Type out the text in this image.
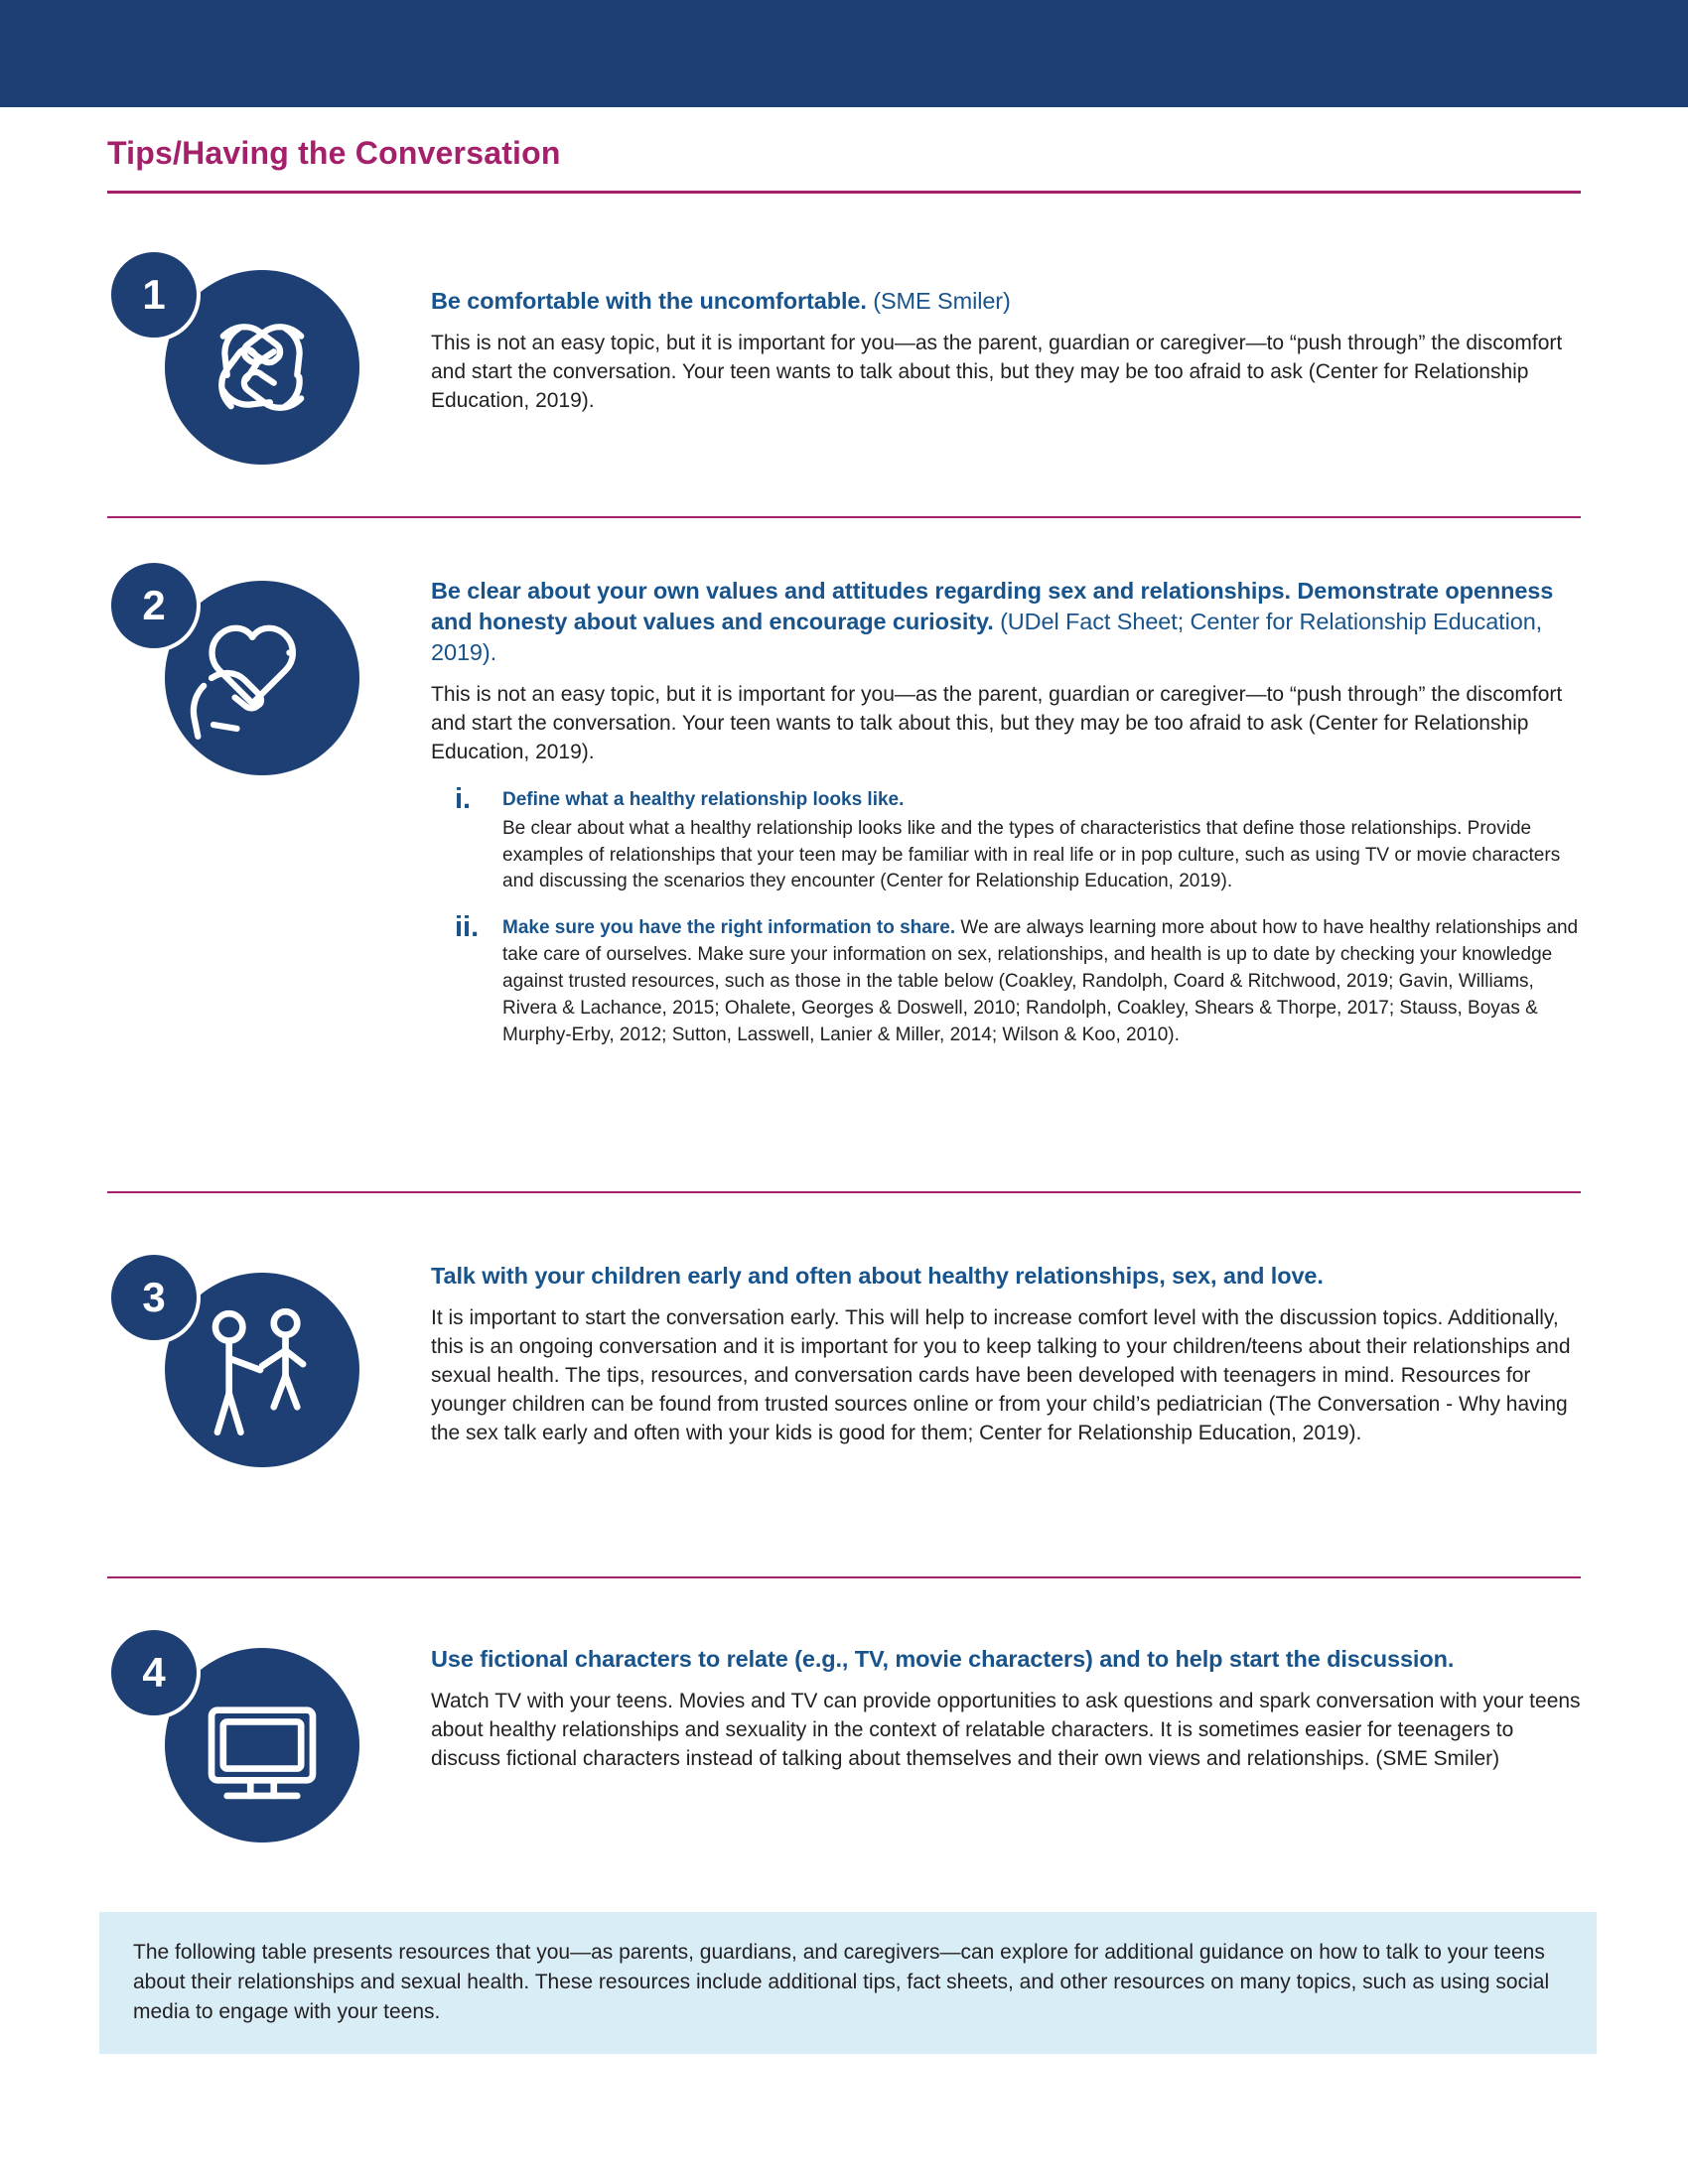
Tips/Having the Conversation
1	Be comfortable with the uncomfortable. (SME Smiler)
This is not an easy topic, but it is important for you—as the parent, guardian or caregiver—to “push through” the discomfort and start the conversation. Your teen wants to talk about this, but they may be too afraid to ask (Center for Relationship Education, 2019).
2	Be clear about your own values and attitudes regarding sex and relationships. Demonstrate openness and honesty about values and encourage curiosity. (UDel Fact Sheet; Center for Relationship Education, 2019).
This is not an easy topic, but it is important for you—as the parent, guardian or caregiver—to “push through” the discomfort and start the conversation. Your teen wants to talk about this, but they may be too afraid to ask (Center for Relationship Education, 2019).
i. Define what a healthy relationship looks like.
Be clear about what a healthy relationship looks like and the types of characteristics that define those relationships. Provide examples of relationships that your teen may be familiar with in real life or in pop culture, such as using TV or movie characters and discussing the scenarios they encounter (Center for Relationship Education, 2019).
ii. Make sure you have the right information to share. We are always learning more about how to have healthy relationships and take care of ourselves. Make sure your information on sex, relationships, and health is up to date by checking your knowledge against trusted resources, such as those in the table below (Coakley, Randolph, Coard & Ritchwood, 2019; Gavin, Williams, Rivera & Lachance, 2015; Ohalete, Georges & Doswell, 2010; Randolph, Coakley, Shears & Thorpe, 2017; Stauss, Boyas & Murphy-Erby, 2012; Sutton, Lasswell, Lanier & Miller, 2014; Wilson & Koo, 2010).
3	Talk with your children early and often about healthy relationships, sex, and love.
It is important to start the conversation early. This will help to increase comfort level with the discussion topics. Additionally, this is an ongoing conversation and it is important for you to keep talking to your children/teens about their relationships and sexual health. The tips, resources, and conversation cards have been developed with teenagers in mind. Resources for younger children can be found from trusted sources online or from your child’s pediatrician (The Conversation - Why having the sex talk early and often with your kids is good for them; Center for Relationship Education, 2019).
4	Use fictional characters to relate (e.g., TV, movie characters) and to help start the discussion.
Watch TV with your teens. Movies and TV can provide opportunities to ask questions and spark conversation with your teens about healthy relationships and sexuality in the context of relatable characters. It is sometimes easier for teenagers to discuss fictional characters instead of talking about themselves and their own views and relationships. (SME Smiler)

The following table presents resources that you—as parents, guardians, and caregivers—can explore for additional guidance on how to talk to your teens about their relationships and sexual health. These resources include additional tips, fact sheets, and other resources on many topics, such as using social media to engage with your teens.
